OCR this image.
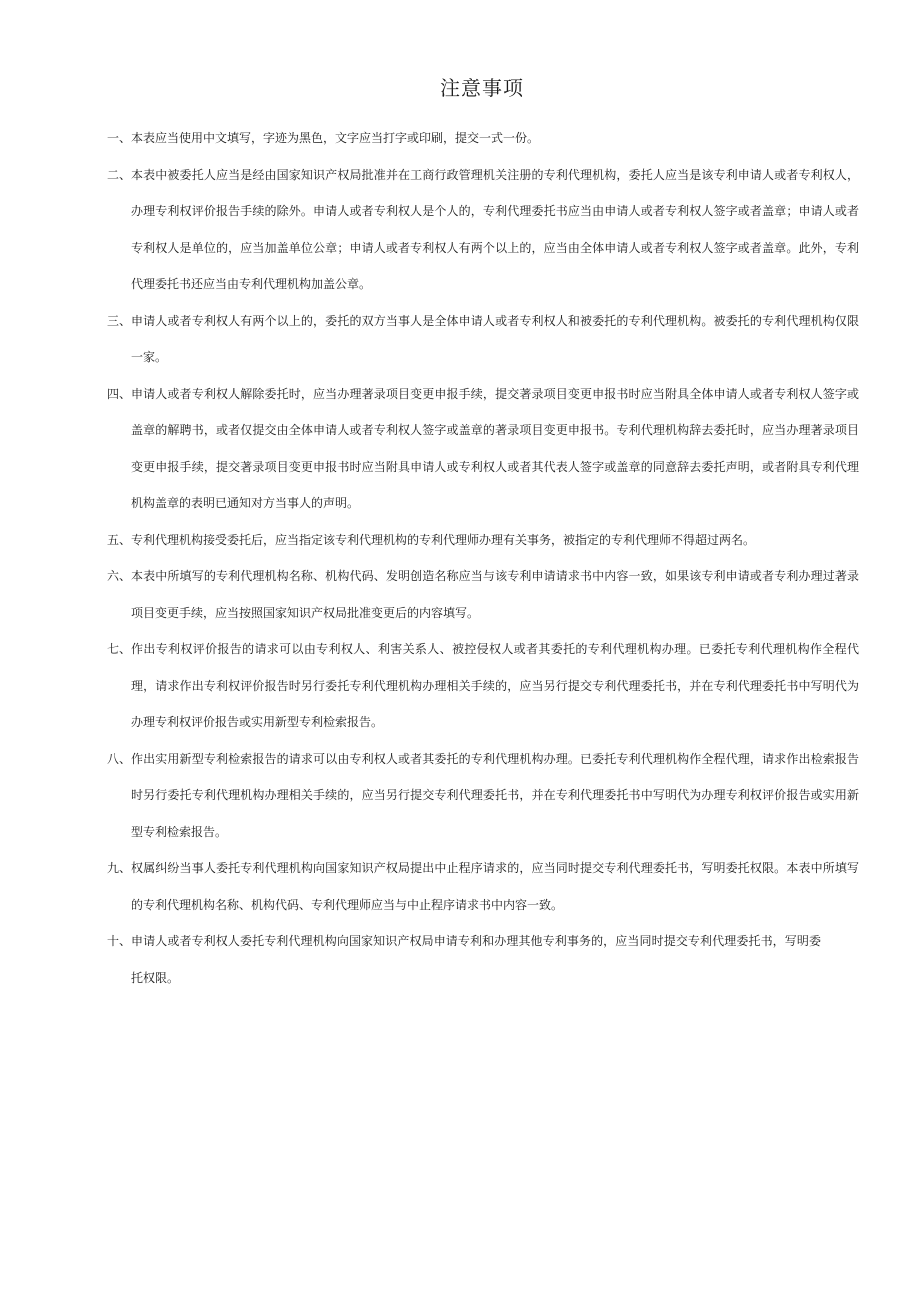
注意事项
一、 本表应当使用中文填写，字迹为黑色，文字应当打字或印刷，提交一式一份。
二、 本表中被委托人应当是经由国家知识产权局批准并在工商行政管理机关注册的专利代理机构，委托人应当是该专利申请人或者专利权人，办理专利权评价报告手续的除外。申请人或者专利权人是个人的，专利代理委托书应当由申请人或者专利权人签字或者盖章；申请人或者专利权人是单位的，应当加盖单位公章；申请人或者专利权人有两个以上的，应当由全体申请人或者专利权人签字或者盖章。此外，专利代理委托书还应当由专利代理机构加盖公章。
三、 申请人或者专利权人有两个以上的，委托的双方当事人是全体申请人或者专利权人和被委托的专利代理机构。被委托的专利代理机构仅限一家。
四、 申请人或者专利权人解除委托时，应当办理著录项目变更申报手续，提交著录项目变更申报书时应当附具全体申请人或者专利权人签字或盖章的解聘书，或者仅提交由全体申请人或者专利权人签字或盖章的著录项目变更申报书。专利代理机构辞去委托时，应当办理著录项目变更申报手续，提交著录项目变更申报书时应当附具申请人或专利权人或者其代表人签字或盖章的同意辞去委托声明，或者附具专利代理机构盖章的表明已通知对方当事人的声明。
五、 专利代理机构接受委托后，应当指定该专利代理机构的专利代理师办理有关事务，被指定的专利代理师不得超过两名。
六、 本表中所填写的专利代理机构名称、机构代码、发明创造名称应当与该专利申请请求书中内容一致，如果该专利申请或者专利办理过著录项目变更手续，应当按照国家知识产权局批准变更后的内容填写。
七、 作出专利权评价报告的请求可以由专利权人、利害关系人、被控侵权人或者其委托的专利代理机构办理。已委托专利代理机构作全程代理，请求作出专利权评价报告时另行委托专利代理机构办理相关手续的，应当另行提交专利代理委托书，并在专利代理委托书中写明代为办理专利权评价报告或实用新型专利检索报告。
八、 作出实用新型专利检索报告的请求可以由专利权人或者其委托的专利代理机构办理。已委托专利代理机构作全程代理，请求作出检索报告时另行委托专利代理机构办理相关手续的，应当另行提交专利代理委托书，并在专利代理委托书中写明代为办理专利权评价报告或实用新型专利检索报告。
九、 权属纠纷当事人委托专利代理机构向国家知识产权局提出中止程序请求的，应当同时提交专利代理委托书，写明委托权限。本表中所填写的专利代理机构名称、机构代码、专利代理师应当与中止程序请求书中内容一致。
十、 申请人或者专利权人委托专利代理机构向国家知识产权局申请专利和办理其他专利事务的，应当同时提交专利代理委托书，写明委托权限。
